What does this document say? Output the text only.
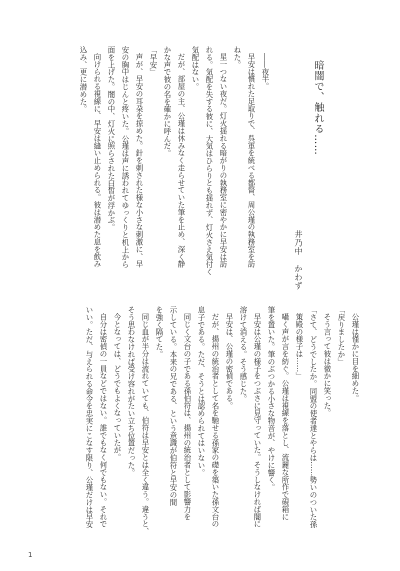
暗闇で、触れる……
井乃中　かわず
――夜半。
早安は慣れた足取りで、呉軍を統べる都督、周公瑾の執務室を訪
ねた。
星一つない夜だ。灯火揺れる暗がりの執務室に密やかに早安は訪
れる。気配を失する彼に、大気はひらりとも揺れず、灯火さえ気付く
気配はない。
だが、部屋の主、公瑾は休みなく走らせていた筆を止め、深く静
かな声で彼の名を確かに呼んだ。
「早安」
声が、早安の耳朶を掠めた。針を刺された様な小さな刺激に、早
安の胸中はじんと疼いた。公瑾は声に誘われてゆっくりと机上から
面を上げた。闇の中、灯火に照らされた白皙が浮かぶ。
向けられる視線に、早安は縫い止められる。彼は潜めた息を飲み
込み、更に潜めた。
公瑾は僅かに目を細めた。
「戻りましたか」
そう言って彼は微かに笑った。
「さて、どうでしたか。同盟の使者達とやらは……勢いのついた孫
策殿の様子は……」
囁く声が言を紡ぐ。公瑾は視線を落とし、流麗な所作で硯箱に
筆を置いた。筆のぶつかる小さな物音が、やけに響く。
早安は公瑾の様子をつぶさに見守っていた。そうしなければ闇に
溶けて消える。そう感じた。
早安は、公瑾の密偵である。
だが、揚州の統治者として名を馳せる孫家の礎を築いた孫文台の
息子である。ただ、そうとは認められてはいない。
同じく文台の子である孫伯符は、揚州の統治者として影響力を
示している。本来の兄である、という意識が伯符と早安の間
を強く隔てた。
同じ血が半分は流れていても、伯符は早安とは全く違う。違うと、
そう思わなければ受け容れがたい立ち位置だった。
今となっては、どうでもよくなっていたが。
自分は密偵の一員などではない。誰でもなく何でもない。それで
いい。ただ、与えられる命令を忠実にこなす限り、公瑾だけは早安
1
